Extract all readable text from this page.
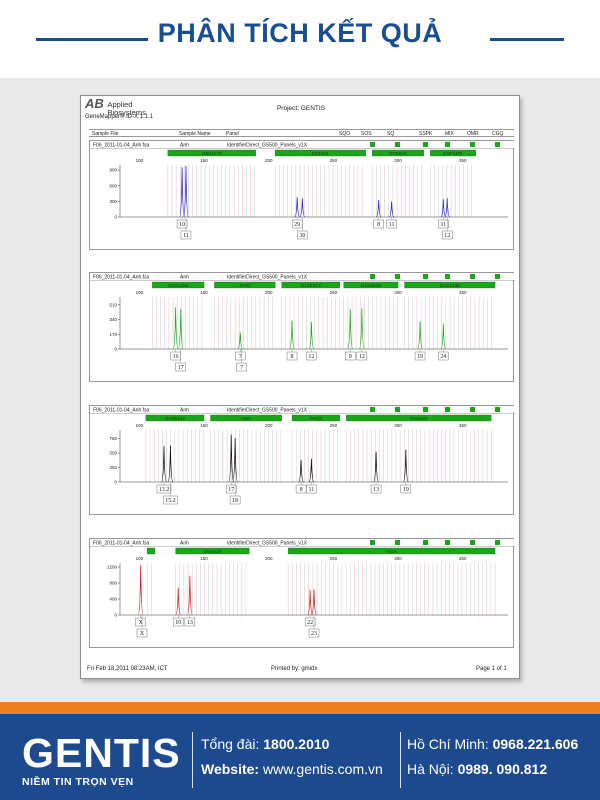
PHÂN TÍCH KẾT QUẢ
AB Applied
Biosystems
GeneMapper® ID-X 1.1.1
Project: GENTIS
Sample File	Sample Name	Panel	SQO SOS	SQ	SSPK	MIX	OMR	CGQ
F06_2011-01-04_Anh.fsa	Anh	IdentifierDirect_GS500_Panels_v1X
D8S1179	D21S11	D7S820	CSF1PO
100	150	200	250	300	350
0
300
600
900
10
11
29
30
8 11	11
12
F06_2011-01-04_Anh.fsa	Anh	IdentifierDirect_GS500_Panels_v1X
D3S1358	TH01	D13S317	D16S539	D2S1338
100	150	200	250	300	350
0
170
340
510
16
17
7
7
8 12	9 12	19	24
F06_2011-01-04_Anh.fsa	Anh	IdentifierDirect_GS500_Panels_v1X
D19S433	vWA	TPOX	D18S51
100	150	200	250	300	350
0
250
500
750
13.2
15.2
17
18
8 11	13	19
F06_2011-01-04_Anh.fsa	Anh	IdentifierDirect_GS500_Panels_v1X
D5S818	FGA
100	150	200	250	300	350
0
400
800
1200
X
X
10 13	22
23
Fri Feb 18,2011 08:23AM, ICT	Printed by: gmidx	Page 1 of 1
GENTIS
NIỀM TIN TRỌN VẸN
Tổng đài: 1800.2010
Website: www.gentis.com.vn
Hồ Chí Minh: 0968.221.606
Hà Nội: 0989. 090.812
